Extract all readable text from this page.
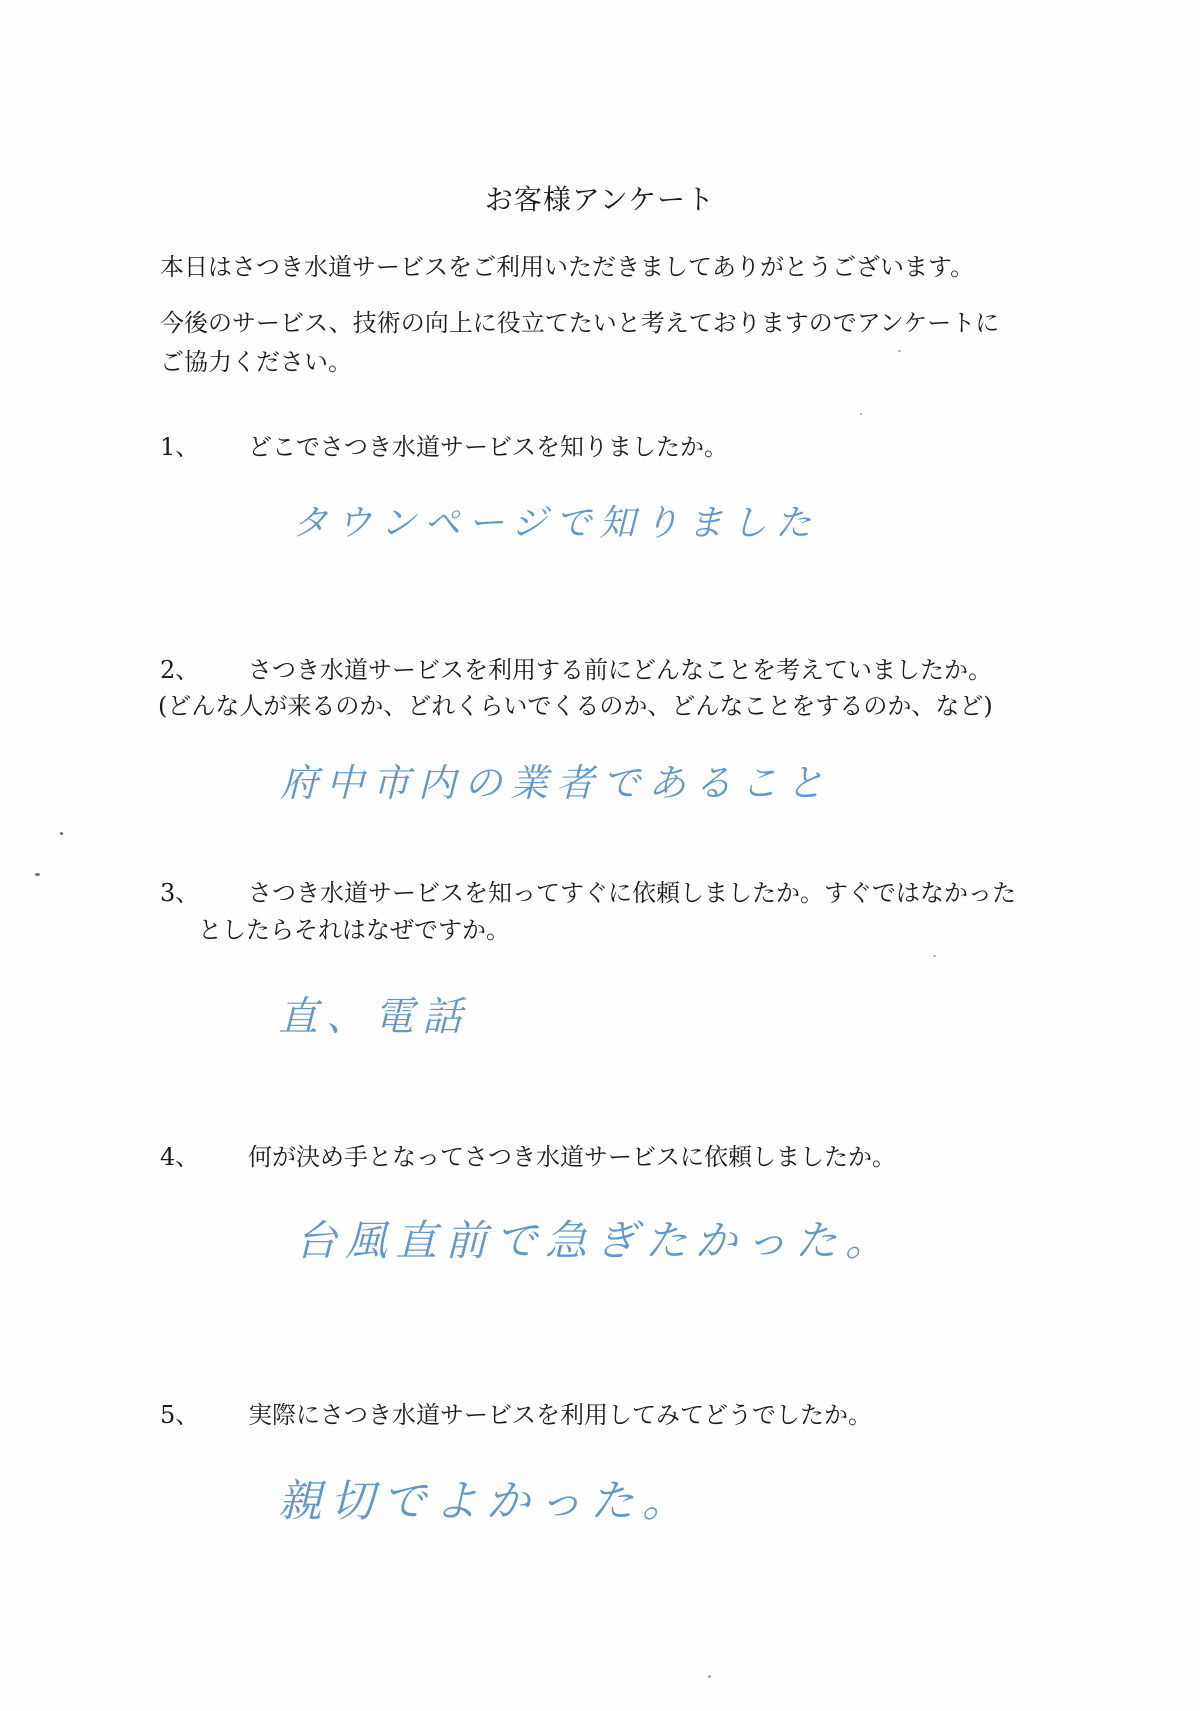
お客様アンケート
本日はさつき水道サービスをご利用いただきましてありがとうございます。
今後のサービス、技術の向上に役立てたいと考えておりますのでアンケートに
ご協力ください。
1、 どこでさつき水道サービスを知りましたか。
タウンページで知りました
2、 さつき水道サービスを利用する前にどんなことを考えていましたか。
(どんな人が来るのか、どれくらいでくるのか、どんなことをするのか、など)
府中市内の業者であること
3、 さつき水道サービスを知ってすぐに依頼しましたか。すぐではなかった
としたらそれはなぜですか。
直、電話
4、 何が決め手となってさつき水道サービスに依頼しましたか。
台風直前で急ぎたかった。
5、 実際にさつき水道サービスを利用してみてどうでしたか。
親切でよかった。
